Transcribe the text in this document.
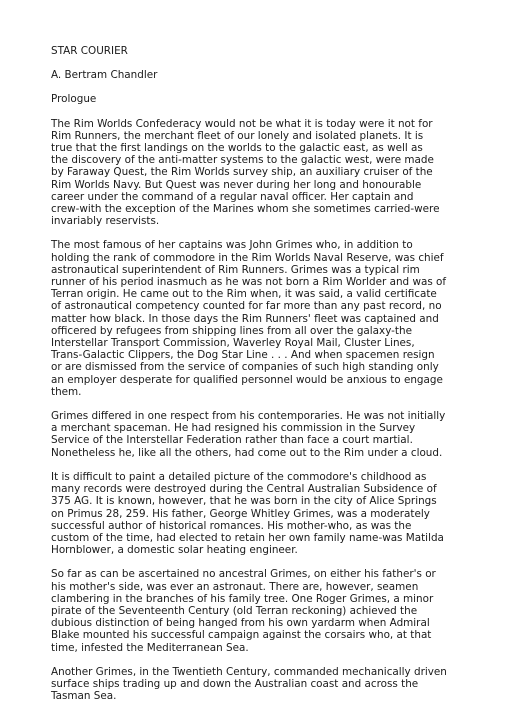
STAR COURIER
A. Bertram Chandler
Prologue
The Rim Worlds Confederacy would not be what it is today were it not for
Rim Runners, the merchant fleet of our lonely and isolated planets. It is
true that the first landings on the worlds to the galactic east, as well as
the discovery of the anti-matter systems to the galactic west, were made
by Faraway Quest, the Rim Worlds survey ship, an auxiliary cruiser of the
Rim Worlds Navy. But Quest was never during her long and honourable
career under the command of a regular naval officer. Her captain and
crew-with the exception of the Marines whom she sometimes carried-were
invariably reservists.
The most famous of her captains was John Grimes who, in addition to
holding the rank of commodore in the Rim Worlds Naval Reserve, was chief
astronautical superintendent of Rim Runners. Grimes was a typical rim
runner of his period inasmuch as he was not born a Rim Worlder and was of
Terran origin. He came out to the Rim when, it was said, a valid certificate
of astronautical competency counted for far more than any past record, no
matter how black. In those days the Rim Runners' fleet was captained and
officered by refugees from shipping lines from all over the galaxy-the
Interstellar Transport Commission, Waverley Royal Mail, Cluster Lines,
Trans-Galactic Clippers, the Dog Star Line . . . And when spacemen resign
or are dismissed from the service of companies of such high standing only
an employer desperate for qualified personnel would be anxious to engage
them.
Grimes differed in one respect from his contemporaries. He was not initially
a merchant spaceman. He had resigned his commission in the Survey
Service of the Interstellar Federation rather than face a court martial.
Nonetheless he, like all the others, had come out to the Rim under a cloud.
It is difficult to paint a detailed picture of the commodore's childhood as
many records were destroyed during the Central Australian Subsidence of
375 AG. It is known, however, that he was born in the city of Alice Springs
on Primus 28, 259. His father, George Whitley Grimes, was a moderately
successful author of historical romances. His mother-who, as was the
custom of the time, had elected to retain her own family name-was Matilda
Hornblower, a domestic solar heating engineer.
So far as can be ascertained no ancestral Grimes, on either his father's or
his mother's side, was ever an astronaut. There are, however, seamen
clambering in the branches of his family tree. One Roger Grimes, a minor
pirate of the Seventeenth Century (old Terran reckoning) achieved the
dubious distinction of being hanged from his own yardarm when Admiral
Blake mounted his successful campaign against the corsairs who, at that
time, infested the Mediterranean Sea.
Another Grimes, in the Twentieth Century, commanded mechanically driven
surface ships trading up and down the Australian coast and across the
Tasman Sea.
